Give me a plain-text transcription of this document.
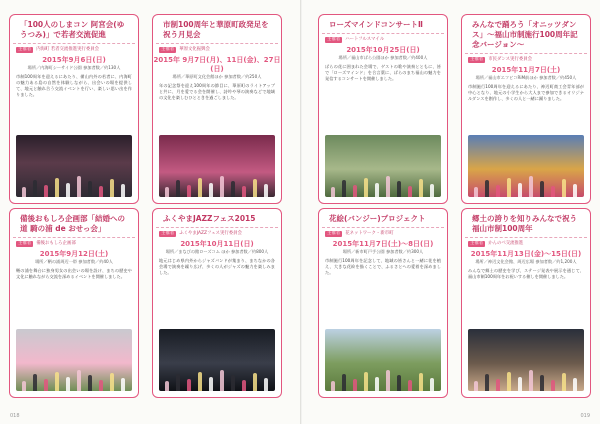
018	019
「100人のしまコン 阿宮会(ゆうつみ)」で若者交流促進
主催者 内海町 若者交流推進実行委員会
2015年9月6日(日)
場所／内海町シーサイド公園 参加者数／約130人
市制100周年を迎えるにあたり、備山内外の若者に、内海町の魅力ある島の自然を体験しながら、出会いの場を提供して、地元と触れ合う交流イベントを行い、楽しい思い出を作りました。
市制100周年と華原町政発足を祝う月見会
主催者 華原文化振興会
2015年 9月7日(月)、11日(金)、27日(日)
場所／華原町文化会館ほか 参加者数／約250人
年の記念祭を迎え100周年の節目に、華原町のライトアップと共に、月を愛でる会を開催し、詩吟や琴の演奏などで地域の文化を楽しむひとときを過ごしました。
ローズマインドコンサートⅡ
主催者 ハートフルスマイル
2015年10月25日(日)
場所／福山市ばら公園ほか 参加者数／約400人
ばらの花に囲まれた会場で、ゲストの歌や演奏とともに、皆で「ローズマインド」を合言葉に、ばらのまち福山の魅力を発信するコンサートを開催しました。
みんなで踊ろう「オニッツダンス」〜福山市制施行100周年記念バージョン〜
主催者 市民ダンス実行委員会
2015年11月7日(土)
場所／福山市エフピコRiM前ほか 参加者数／約450人
市制施行100周年を迎えるにあたり、神辺町商工会青年部が中心となり、地元の小学生から大人まで参加できるオリジナルダンスを創作し、多くの人と一緒に踊りました。
備後おもしろ企画部「結婚への道 騎の浦 de おせっ会」
主催者 備後おもしろ企画部
2015年9月12日(土)
場所／鞆の浦周辺一帯 参加者数／約40人
鞆の浦を舞台に独身男女の出会いの場を設け、まちの歴史や文化に触れながら交流を深めるイベントを開催しました。
ふくやまJAZZフェス2015
主催者 ふくやまJAZZフェス実行委員会
2015年10月11日(日)
場所／まなびの館ローズコム ほか 参加者数／約800人
地元はじめ県内外からジャズバンドが集まり、まちなかの各会場で演奏を繰り広げ、多くの人がジャズの魅力を楽しみました。
花絵(バンジー)プロジェクト
主催者 花ネットワーク・新市町
2015年11月7日(土)〜8日(日)
場所／新市町戸手公園 参加者数／約300人
市制施行100周年を記念して、地域の皆さんと一緒に花を植え、大きな花絵を描くことで、ふるさとへの愛着を深めました。
郷土の誇りを知りみんなで祝う福山市制100周年
主催者 かんのべ交流推進
2015年11月13日(金)〜15日(日)
場所／神辺文化会館、周辺広場 参加者数／約1,200人
みんなで郷土の歴史を学び、ステージ発表や展示を通じて、福山市制100周年をお祝いする催しを開催しました。
